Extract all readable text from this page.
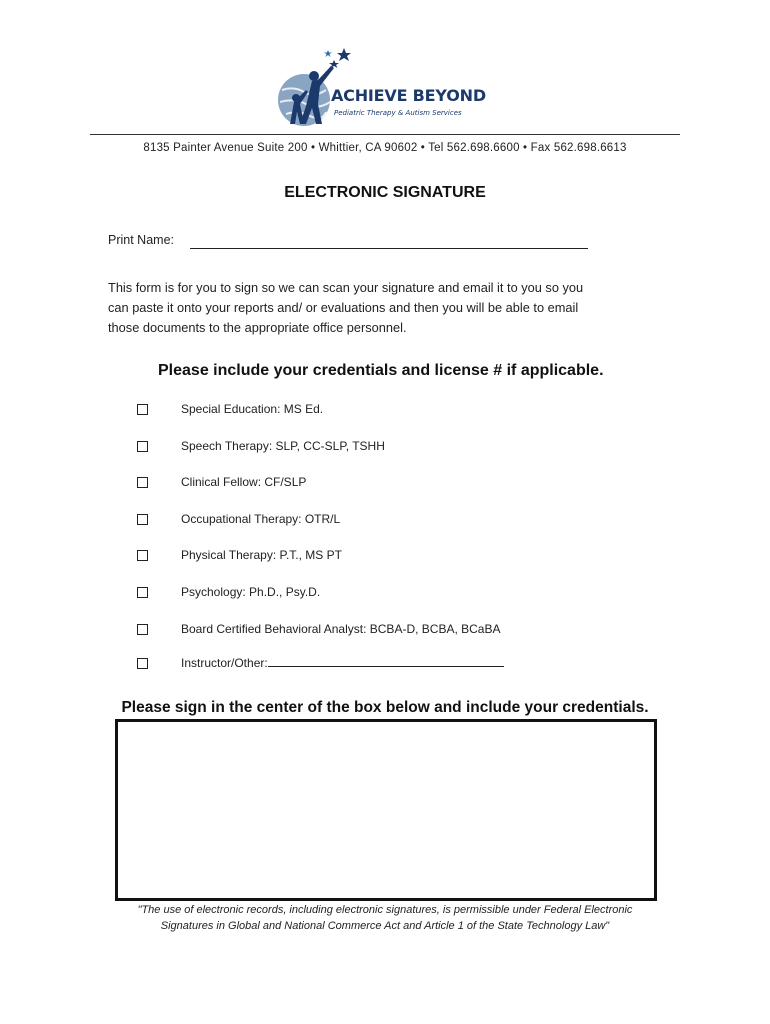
ACHIEVE BEYOND
Pediatric Therapy & Autism Services
8135 Painter Avenue Suite 200 • Whittier, CA 90602 • Tel 562.698.6600 • Fax 562.698.6613
ELECTRONIC SIGNATURE
Print Name:
This form is for you to sign so we can scan your signature and email it to you so you
can paste it onto your reports and/ or evaluations and then you will be able to email
those documents to the appropriate office personnel.
Please include your credentials and license # if applicable.
Special Education: MS Ed.
Speech Therapy: SLP, CC-SLP, TSHH
Clinical Fellow: CF/SLP
Occupational Therapy: OTR/L
Physical Therapy: P.T., MS PT
Psychology: Ph.D., Psy.D.
Board Certified Behavioral Analyst: BCBA-D, BCBA, BCaBA
Instructor/Other:
Please sign in the center of the box below and include your credentials.
"The use of electronic records, including electronic signatures, is permissible under Federal Electronic
Signatures in Global and National Commerce Act and Article 1 of the State Technology Law"
